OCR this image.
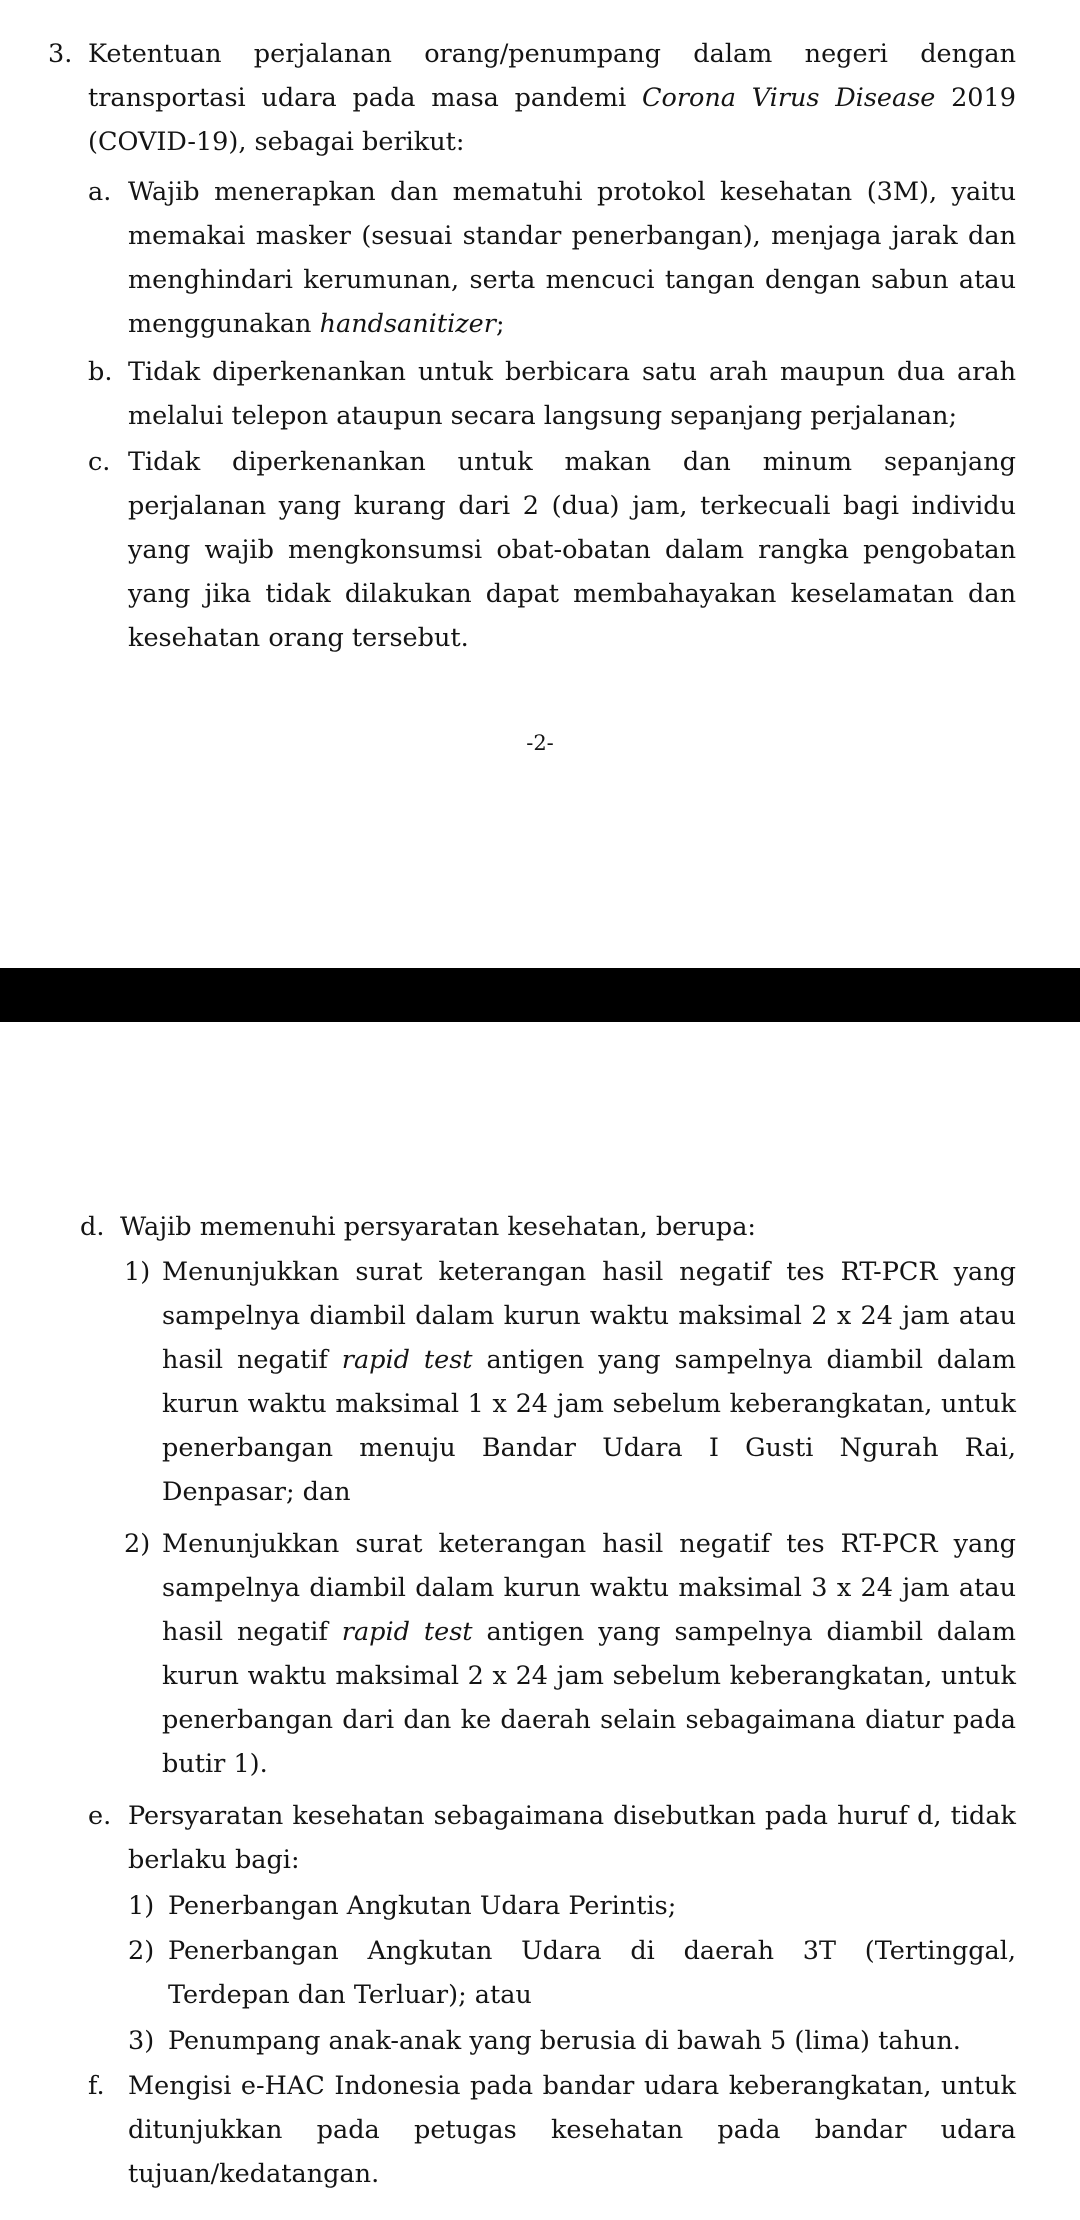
3. Ketentuan perjalanan orang/penumpang dalam negeri dengan transportasi udara pada masa pandemi Corona Virus Disease 2019 (COVID-19), sebagai berikut:

a. Wajib menerapkan dan mematuhi protokol kesehatan (3M), yaitu memakai masker (sesuai standar penerbangan), menjaga jarak dan menghindari kerumunan, serta mencuci tangan dengan sabun atau menggunakan handsanitizer;

b. Tidak diperkenankan untuk berbicara satu arah maupun dua arah melalui telepon ataupun secara langsung sepanjang perjalanan;

c. Tidak diperkenankan untuk makan dan minum sepanjang perjalanan yang kurang dari 2 (dua) jam, terkecuali bagi individu yang wajib mengkonsumsi obat-obatan dalam rangka pengobatan yang jika tidak dilakukan dapat membahayakan keselamatan dan kesehatan orang tersebut.

-2-
d. Wajib memenuhi persyaratan kesehatan, berupa:

1) Menunjukkan surat keterangan hasil negatif tes RT-PCR yang sampelnya diambil dalam kurun waktu maksimal 2 x 24 jam atau hasil negatif rapid test antigen yang sampelnya diambil dalam kurun waktu maksimal 1 x 24 jam sebelum keberangkatan, untuk penerbangan menuju Bandar Udara I Gusti Ngurah Rai, Denpasar; dan

2) Menunjukkan surat keterangan hasil negatif tes RT-PCR yang sampelnya diambil dalam kurun waktu maksimal 3 x 24 jam atau hasil negatif rapid test antigen yang sampelnya diambil dalam kurun waktu maksimal 2 x 24 jam sebelum keberangkatan, untuk penerbangan dari dan ke daerah selain sebagaimana diatur pada butir 1).

e. Persyaratan kesehatan sebagaimana disebutkan pada huruf d, tidak berlaku bagi:

1) Penerbangan Angkutan Udara Perintis;

2) Penerbangan Angkutan Udara di daerah 3T (Tertinggal, Terdepan dan Terluar); atau

3) Penumpang anak-anak yang berusia di bawah 5 (lima) tahun.

f. Mengisi e-HAC Indonesia pada bandar udara keberangkatan, untuk ditunjukkan pada petugas kesehatan pada bandar udara tujuan/kedatangan.
